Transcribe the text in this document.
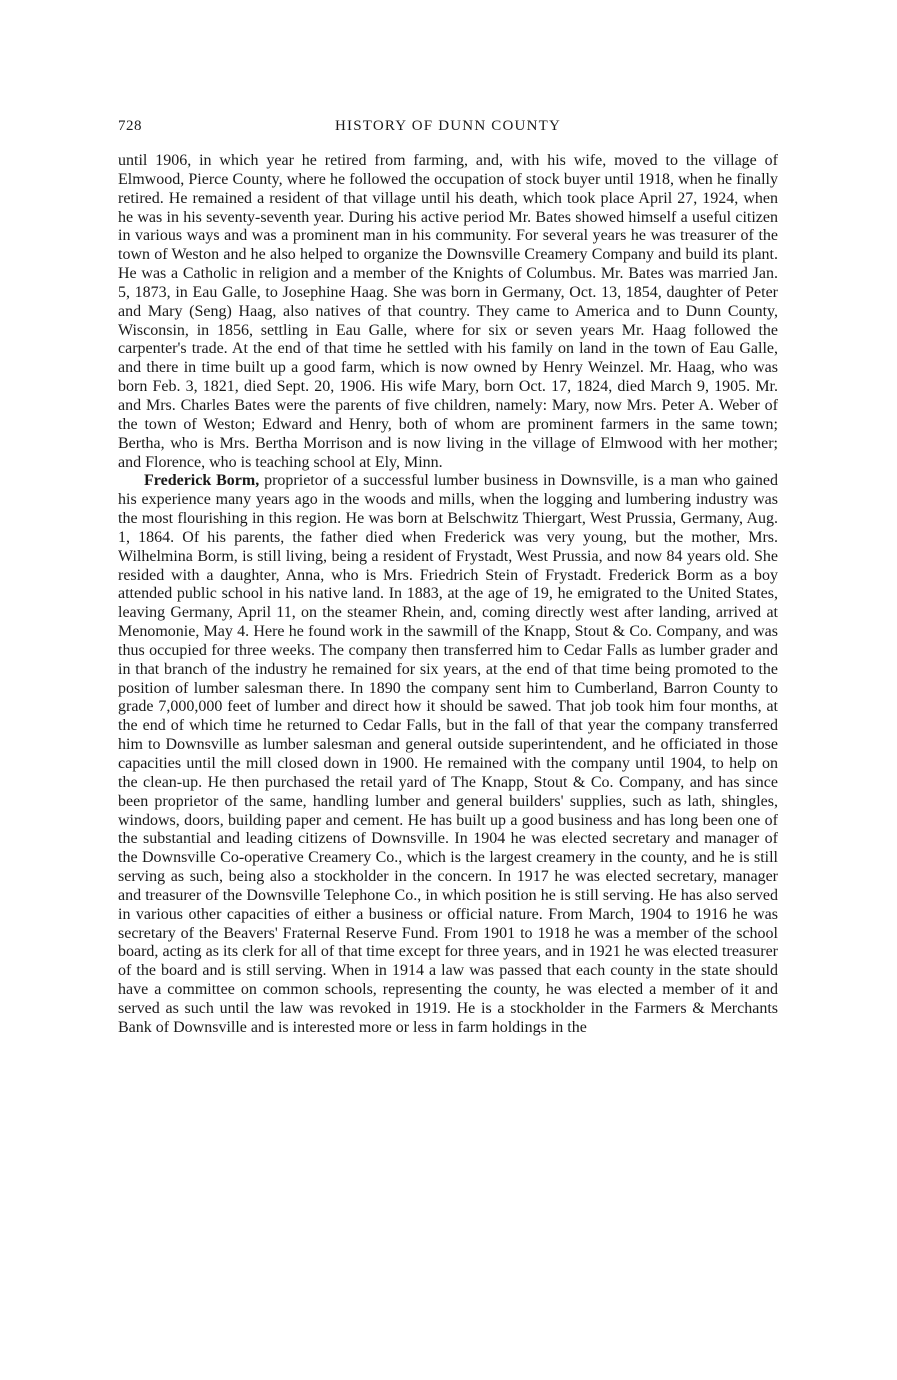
728	HISTORY OF DUNN COUNTY

until 1906, in which year he retired from farming, and, with his wife, moved to the village of Elmwood, Pierce County, where he followed the occupation of stock buyer until 1918, when he finally retired. He remained a resident of that village until his death, which took place April 27, 1924, when he was in his seventy-seventh year. During his active period Mr. Bates showed himself a useful citizen in various ways and was a prominent man in his community. For several years he was treasurer of the town of Weston and he also helped to organize the Downsville Creamery Company and build its plant. He was a Catholic in religion and a member of the Knights of Columbus. Mr. Bates was married Jan. 5, 1873, in Eau Galle, to Josephine Haag. She was born in Germany, Oct. 13, 1854, daughter of Peter and Mary (Seng) Haag, also natives of that country. They came to America and to Dunn County, Wisconsin, in 1856, settling in Eau Galle, where for six or seven years Mr. Haag followed the carpenter's trade. At the end of that time he settled with his family on land in the town of Eau Galle, and there in time built up a good farm, which is now owned by Henry Weinzel. Mr. Haag, who was born Feb. 3, 1821, died Sept. 20, 1906. His wife Mary, born Oct. 17, 1824, died March 9, 1905. Mr. and Mrs. Charles Bates were the parents of five children, namely: Mary, now Mrs. Peter A. Weber of the town of Weston; Edward and Henry, both of whom are prominent farmers in the same town; Bertha, who is Mrs. Bertha Morrison and is now living in the village of Elmwood with her mother; and Florence, who is teaching school at Ely, Minn.

Frederick Borm, proprietor of a successful lumber business in Downsville, is a man who gained his experience many years ago in the woods and mills, when the logging and lumbering industry was the most flourishing in this region. He was born at Belschwitz Thiergart, West Prussia, Germany, Aug. 1, 1864. Of his parents, the father died when Frederick was very young, but the mother, Mrs. Wilhelmina Borm, is still living, being a resident of Frystadt, West Prussia, and now 84 years old. She resided with a daughter, Anna, who is Mrs. Friedrich Stein of Frystadt. Frederick Borm as a boy attended public school in his native land. In 1883, at the age of 19, he emigrated to the United States, leaving Germany, April 11, on the steamer Rhein, and, coming directly west after landing, arrived at Menomonie, May 4. Here he found work in the sawmill of the Knapp, Stout & Co. Company, and was thus occupied for three weeks. The company then transferred him to Cedar Falls as lumber grader and in that branch of the industry he remained for six years, at the end of that time being promoted to the position of lumber salesman there. In 1890 the company sent him to Cumberland, Barron County to grade 7,000,000 feet of lumber and direct how it should be sawed. That job took him four months, at the end of which time he returned to Cedar Falls, but in the fall of that year the company transferred him to Downsville as lumber salesman and general outside superintendent, and he officiated in those capacities until the mill closed down in 1900. He remained with the company until 1904, to help on the clean-up. He then purchased the retail yard of The Knapp, Stout & Co. Company, and has since been proprietor of the same, handling lumber and general builders' supplies, such as lath, shingles, windows, doors, building paper and cement. He has built up a good business and has long been one of the substantial and leading citizens of Downsville. In 1904 he was elected secretary and manager of the Downsville Co-operative Creamery Co., which is the largest creamery in the county, and he is still serving as such, being also a stockholder in the concern. In 1917 he was elected secretary, manager and treasurer of the Downsville Telephone Co., in which position he is still serving. He has also served in various other capacities of either a business or official nature. From March, 1904 to 1916 he was secretary of the Beavers' Fraternal Reserve Fund. From 1901 to 1918 he was a member of the school board, acting as its clerk for all of that time except for three years, and in 1921 he was elected treasurer of the board and is still serving. When in 1914 a law was passed that each county in the state should have a committee on common schools, representing the county, he was elected a member of it and served as such until the law was revoked in 1919. He is a stockholder in the Farmers & Merchants Bank of Downsville and is interested more or less in farm holdings in the
